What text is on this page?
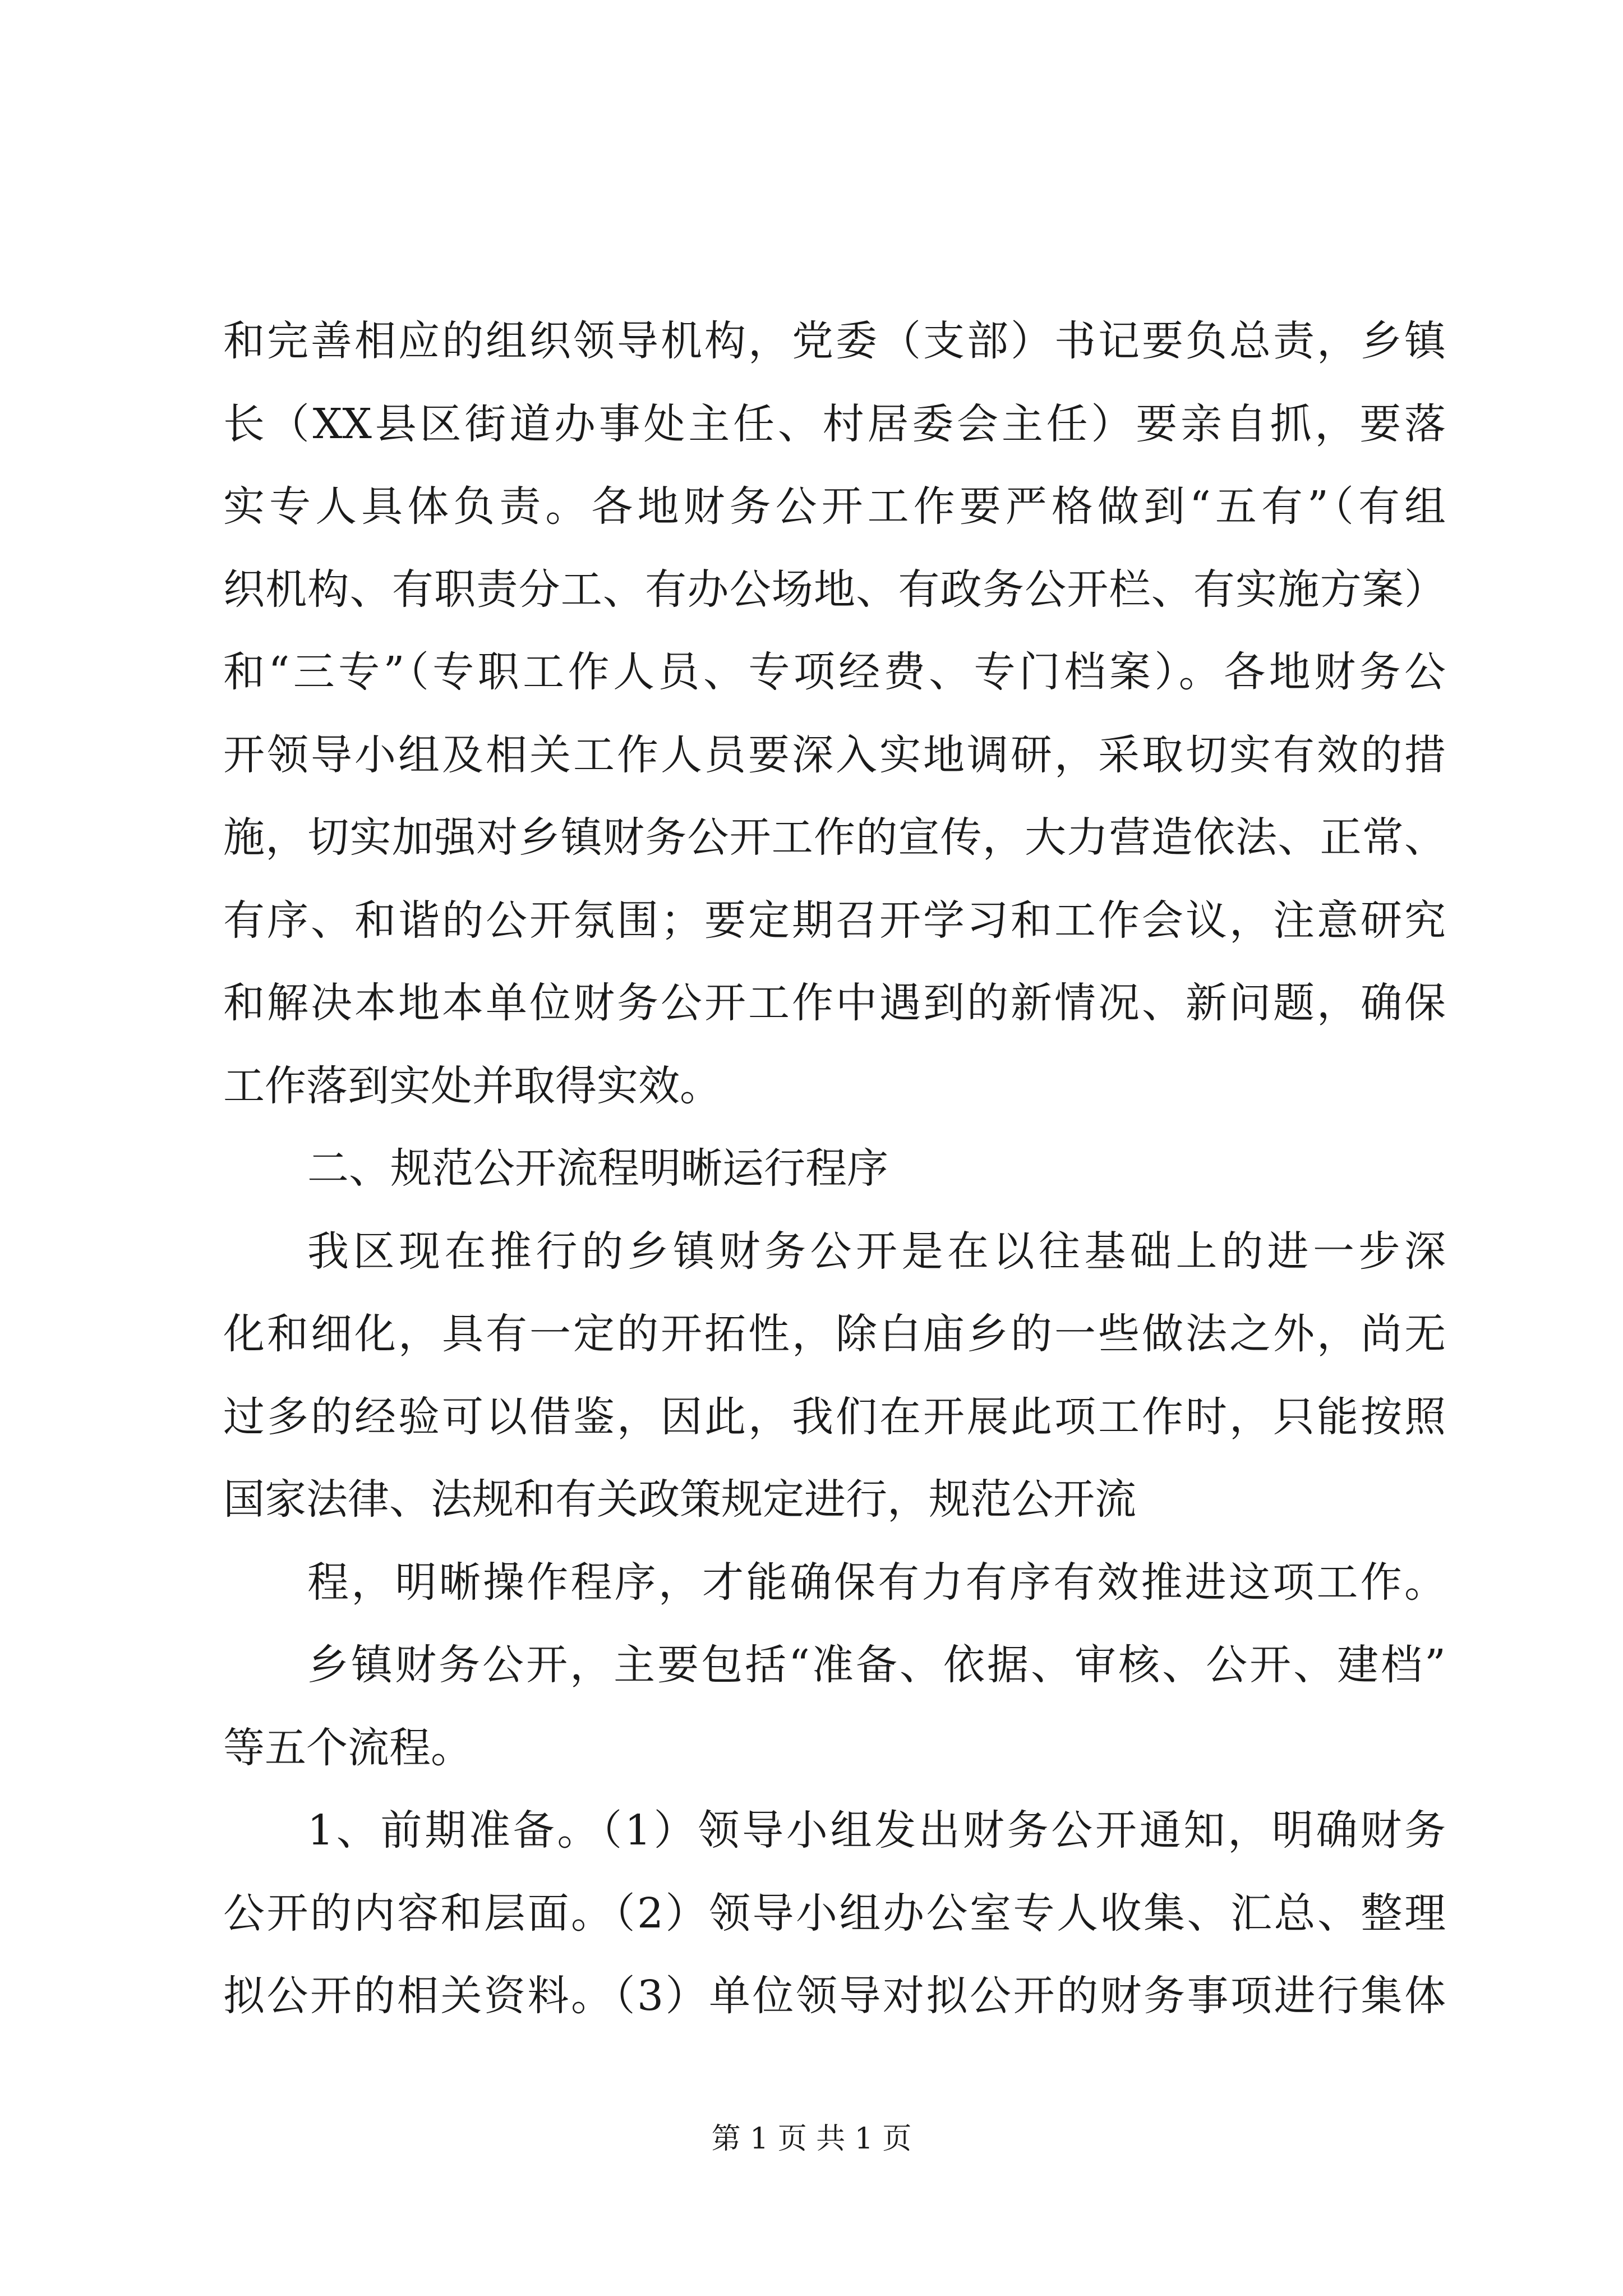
和完善相应的组织领导机构，党委（支部）书记要负总责，乡镇
长（XX县区街道办事处主任、村居委会主任）要亲自抓，要落
实专人具体负责。各地财务公开工作要严格做到“五有”（有组
织机构、有职责分工、有办公场地、有政务公开栏、有实施方案）
和“三专”（专职工作人员、专项经费、专门档案）。各地财务公
开领导小组及相关工作人员要深入实地调研，采取切实有效的措
施，切实加强对乡镇财务公开工作的宣传，大力营造依法、正常、
有序、和谐的公开氛围；要定期召开学习和工作会议，注意研究
和解决本地本单位财务公开工作中遇到的新情况、新问题，确保
工作落到实处并取得实效。
二、规范公开流程明晰运行程序
我区现在推行的乡镇财务公开是在以往基础上的进一步深
化和细化，具有一定的开拓性，除白庙乡的一些做法之外，尚无
过多的经验可以借鉴，因此，我们在开展此项工作时，只能按照
国家法律、法规和有关政策规定进行，规范公开流
程，明晰操作程序，才能确保有力有序有效推进这项工作。
乡镇财务公开，主要包括“准备、依据、审核、公开、建档”
等五个流程。
1、前期准备。（1）领导小组发出财务公开通知，明确财务
公开的内容和层面。（2）领导小组办公室专人收集、汇总、整理
拟公开的相关资料。（3）单位领导对拟公开的财务事项进行集体
第 1 页 共 1 页
